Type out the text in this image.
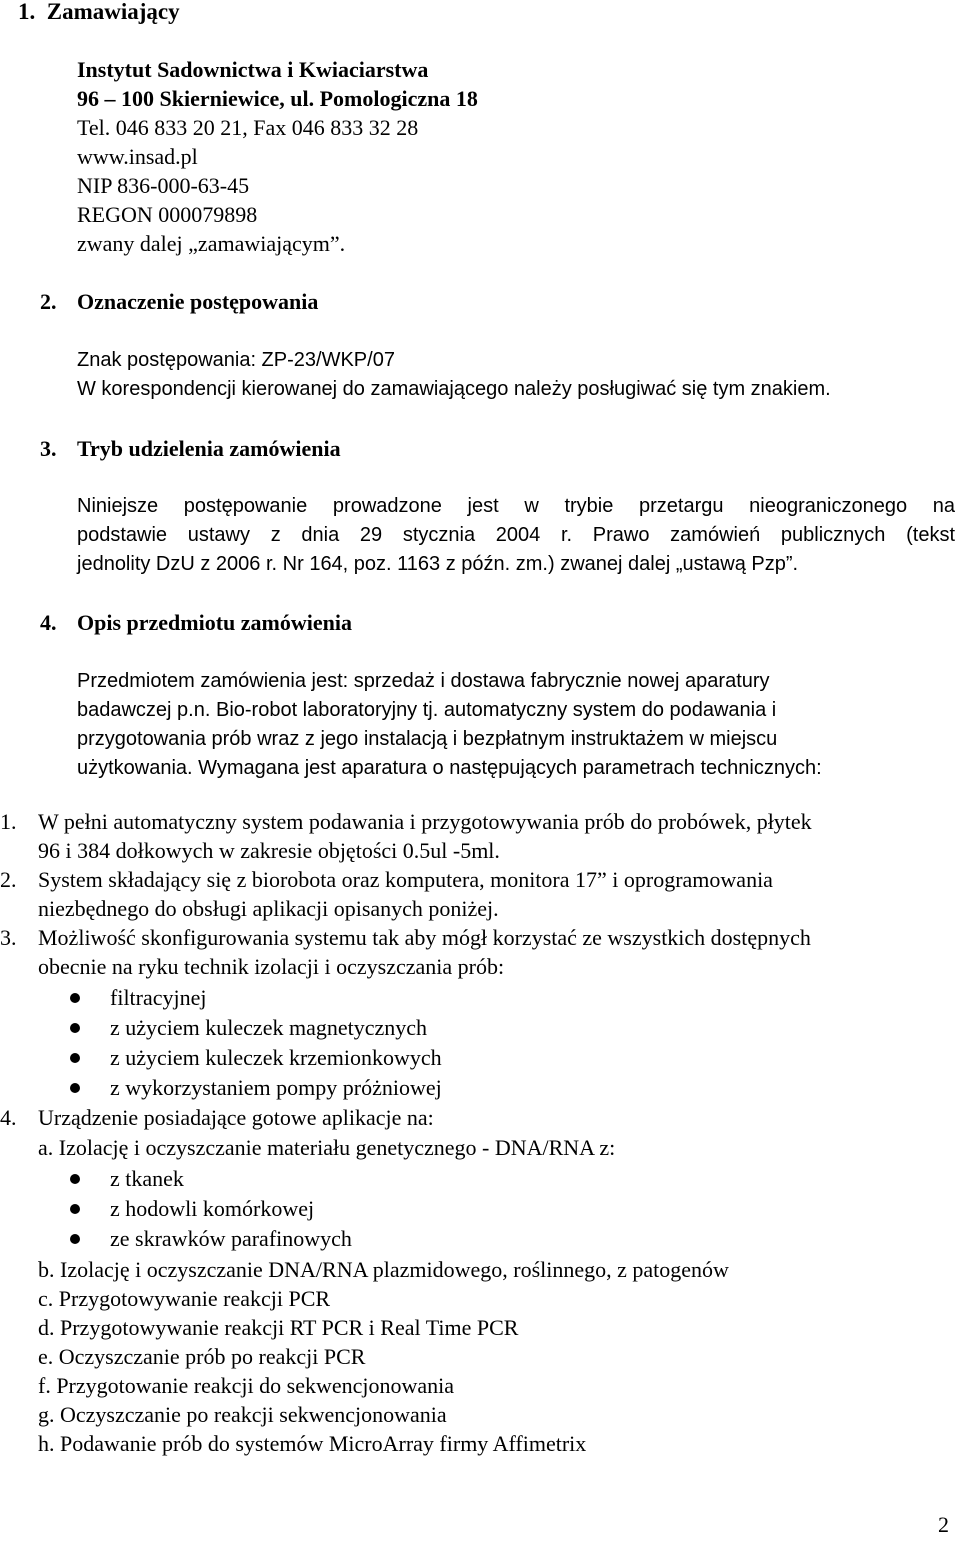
1. Zamawiający
Instytut Sadownictwa i Kwiaciarstwa
96 – 100 Skierniewice, ul. Pomologiczna 18
Tel. 046 833 20 21, Fax 046 833 32 28
www.insad.pl
NIP 836-000-63-45
REGON 000079898
zwany dalej „zamawiającym”.
2. Oznaczenie postępowania
Znak postępowania: ZP-23/WKP/07
W korespondencji kierowanej do zamawiającego należy posługiwać się tym znakiem.
3. Tryb udzielenia zamówienia
Niniejsze postępowanie prowadzone jest w trybie przetargu nieograniczonego na
podstawie ustawy z dnia 29 stycznia 2004 r. Prawo zamówień publicznych (tekst
jednolity DzU z 2006 r. Nr 164, poz. 1163 z późn. zm.) zwanej dalej „ustawą Pzp”.
4. Opis przedmiotu zamówienia
Przedmiotem zamówienia jest: sprzedaż i dostawa fabrycznie nowej aparatury
badawczej p.n. Bio-robot laboratoryjny tj. automatyczny system do podawania i
przygotowania prób wraz z jego instalacją i bezpłatnym instruktażem w miejscu
użytkowania. Wymagana jest aparatura o następujących parametrach technicznych:
1. W pełni automatyczny system podawania i przygotowywania prób do probówek, płytek
96 i 384 dołkowych w zakresie objętości 0.5ul -5ml.
2. System składający się z biorobota oraz komputera, monitora 17” i oprogramowania
niezbędnego do obsługi aplikacji opisanych poniżej.
3. Możliwość skonfigurowania systemu tak aby mógł korzystać ze wszystkich dostępnych
obecnie na ryku technik izolacji i oczyszczania prób:
filtracyjnej
z użyciem kuleczek magnetycznych
z użyciem kuleczek krzemionkowych
z wykorzystaniem pompy próżniowej
4. Urządzenie posiadające gotowe aplikacje na:
a. Izolację i oczyszczanie materiału genetycznego - DNA/RNA z:
z tkanek
z hodowli komórkowej
ze skrawków parafinowych
b. Izolację i oczyszczanie DNA/RNA plazmidowego, roślinnego, z patogenów
c. Przygotowywanie reakcji PCR
d. Przygotowywanie reakcji RT PCR i Real Time PCR
e. Oczyszczanie prób po reakcji PCR
f. Przygotowanie reakcji do sekwencjonowania
g. Oczyszczanie po reakcji sekwencjonowania
h. Podawanie prób do systemów MicroArray firmy Affimetrix
2
